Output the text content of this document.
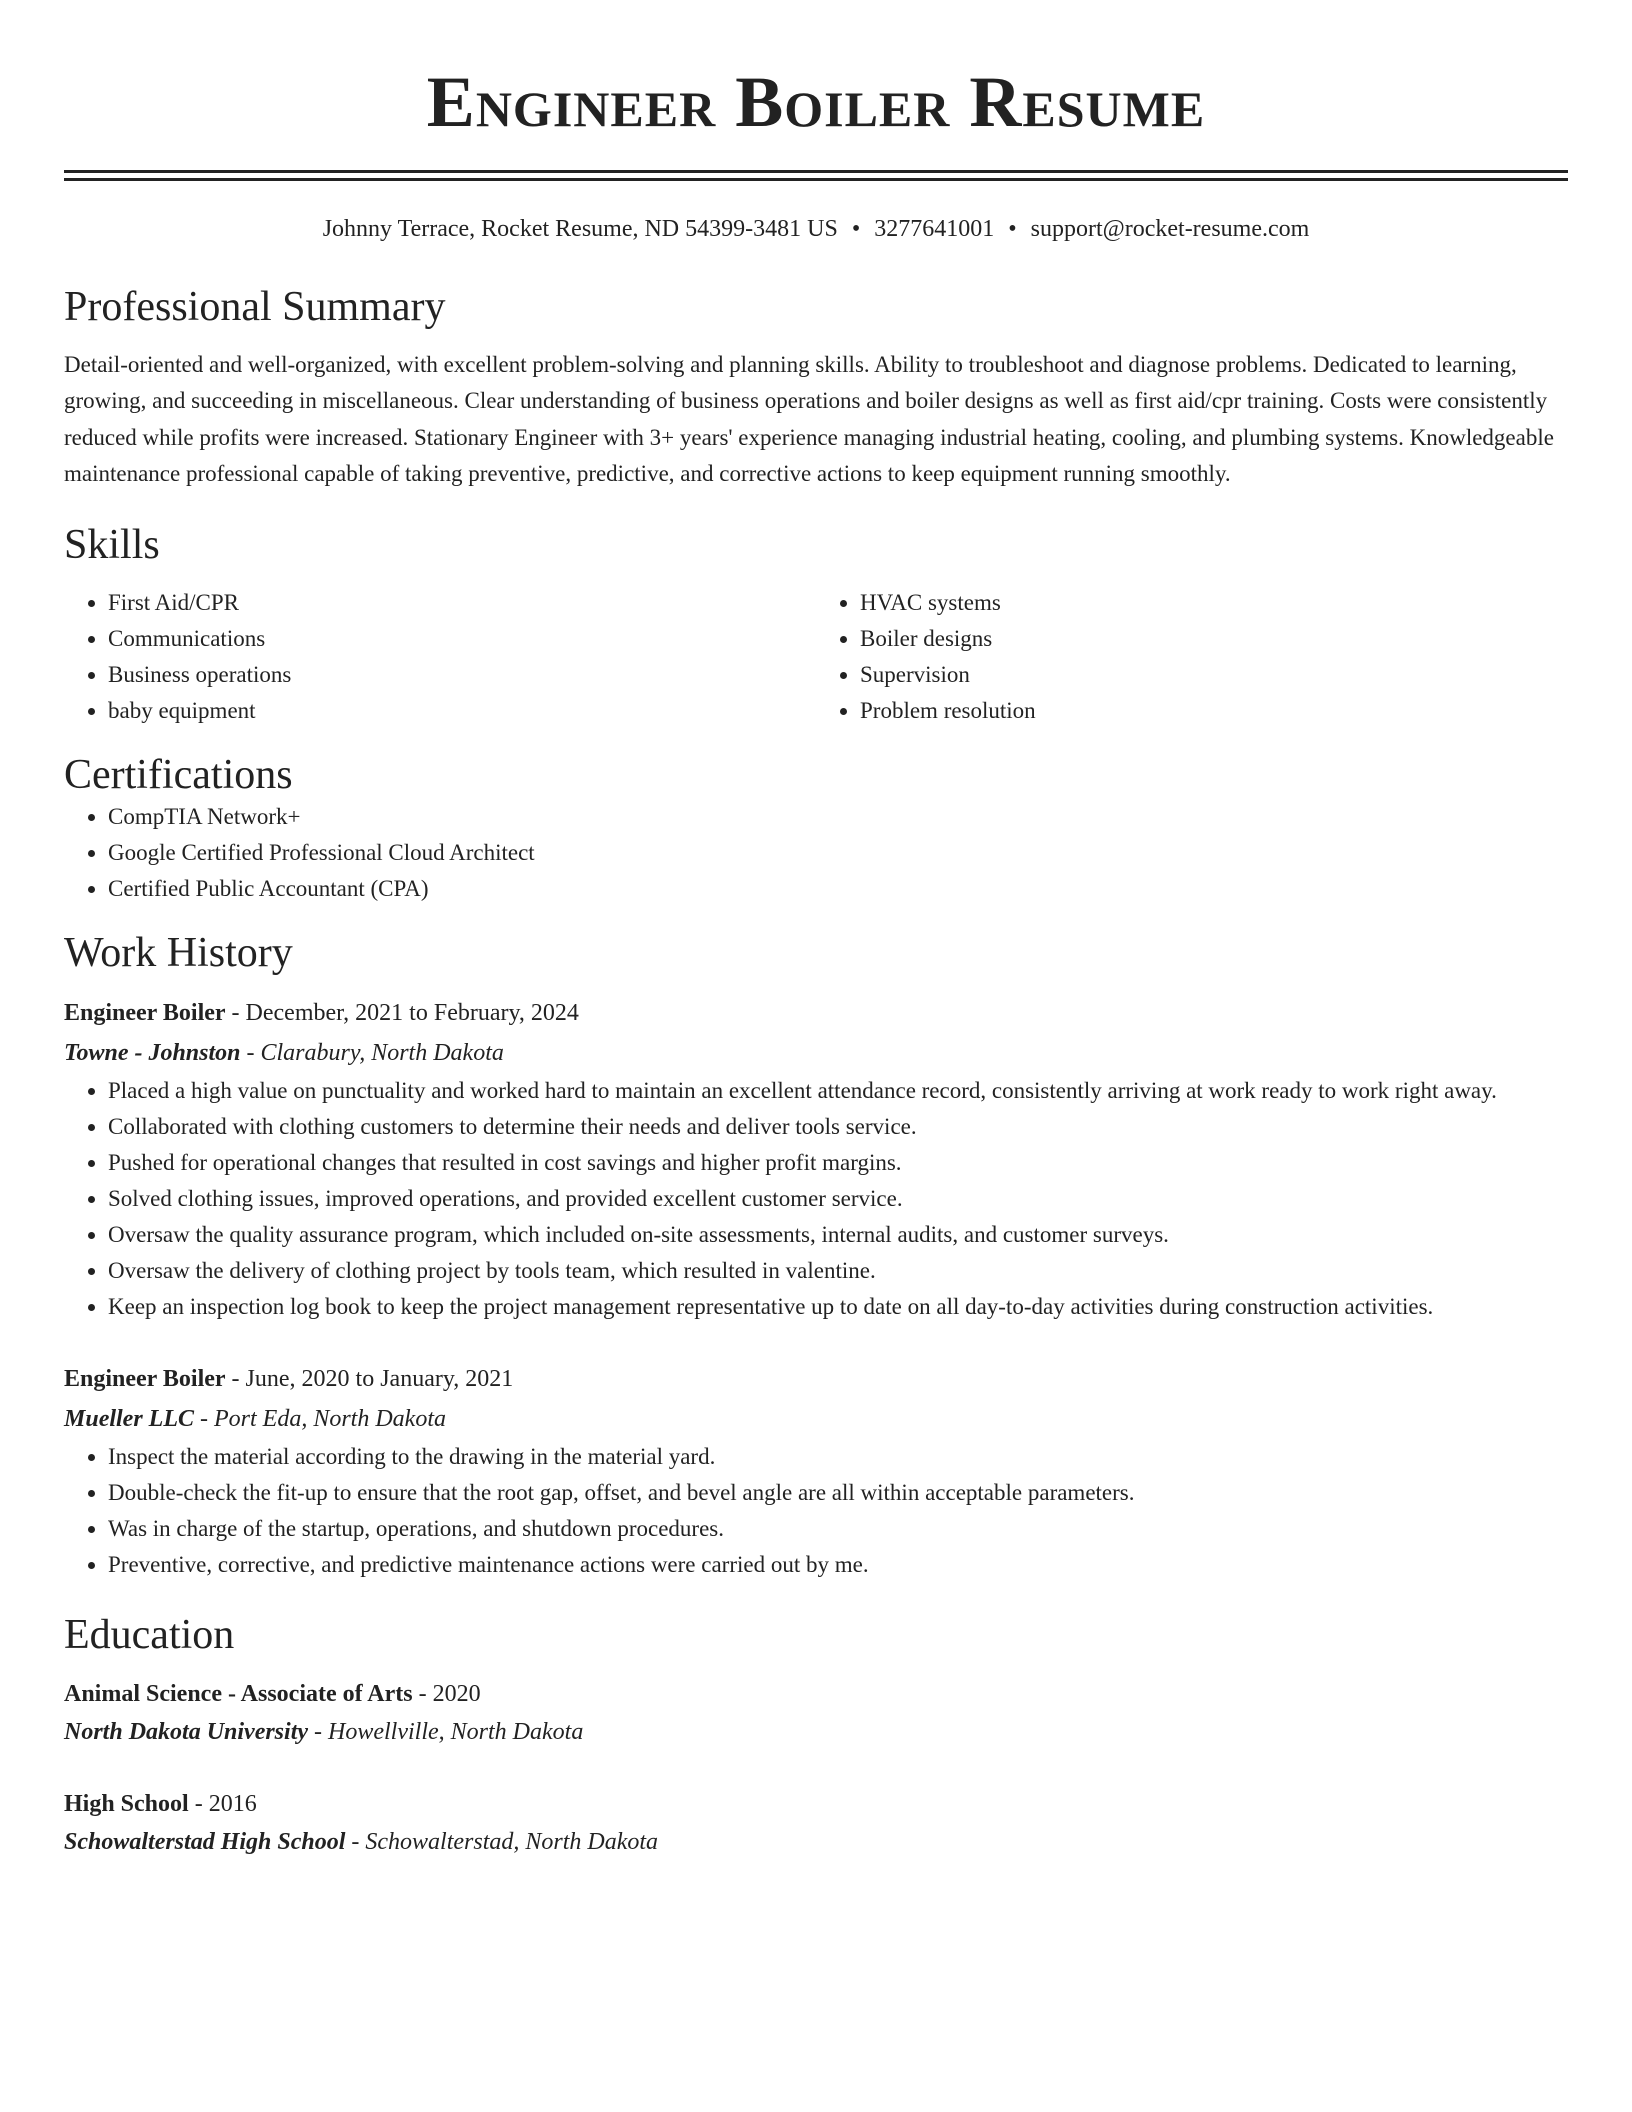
Engineer Boiler Resume
Johnny Terrace, Rocket Resume, ND 54399-3481 US • 3277641001 • support@rocket-resume.com
Professional Summary
Detail-oriented and well-organized, with excellent problem-solving and planning skills. Ability to troubleshoot and diagnose problems. Dedicated to learning, growing, and succeeding in miscellaneous. Clear understanding of business operations and boiler designs as well as first aid/cpr training. Costs were consistently reduced while profits were increased. Stationary Engineer with 3+ years' experience managing industrial heating, cooling, and plumbing systems. Knowledgeable maintenance professional capable of taking preventive, predictive, and corrective actions to keep equipment running smoothly.
Skills
• First Aid/CPR
• Communications
• Business operations
• baby equipment
• HVAC systems
• Boiler designs
• Supervision
• Problem resolution
Certifications
• CompTIA Network+
• Google Certified Professional Cloud Architect
• Certified Public Accountant (CPA)
Work History
Engineer Boiler - December, 2021 to February, 2024
Towne - Johnston - Clarabury, North Dakota
• Placed a high value on punctuality and worked hard to maintain an excellent attendance record, consistently arriving at work ready to work right away.
• Collaborated with clothing customers to determine their needs and deliver tools service.
• Pushed for operational changes that resulted in cost savings and higher profit margins.
• Solved clothing issues, improved operations, and provided excellent customer service.
• Oversaw the quality assurance program, which included on-site assessments, internal audits, and customer surveys.
• Oversaw the delivery of clothing project by tools team, which resulted in valentine.
• Keep an inspection log book to keep the project management representative up to date on all day-to-day activities during construction activities.
Engineer Boiler - June, 2020 to January, 2021
Mueller LLC - Port Eda, North Dakota
• Inspect the material according to the drawing in the material yard.
• Double-check the fit-up to ensure that the root gap, offset, and bevel angle are all within acceptable parameters.
• Was in charge of the startup, operations, and shutdown procedures.
• Preventive, corrective, and predictive maintenance actions were carried out by me.
Education
Animal Science - Associate of Arts - 2020
North Dakota University - Howellville, North Dakota
High School - 2016
Schowalterstad High School - Schowalterstad, North Dakota
